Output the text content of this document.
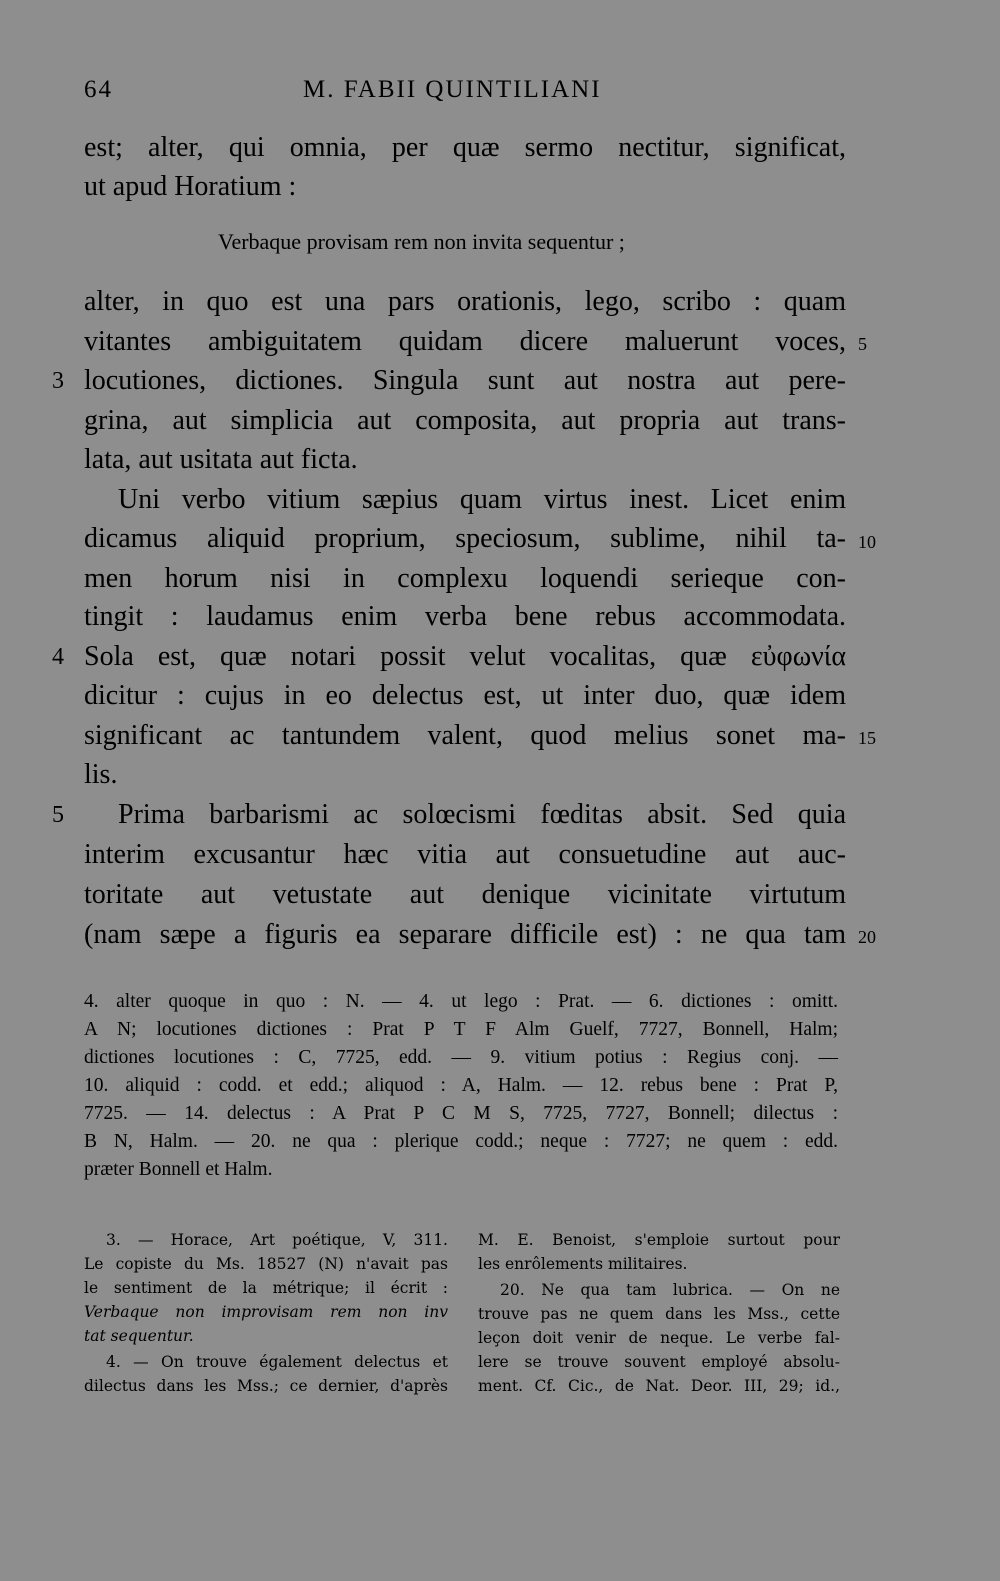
64	M. FABII QUINTILIANI
est; alter, qui omnia, per quæ sermo nectitur, significat,
ut apud Horatium :
Verbaque provisam rem non invita sequentur ;
alter, in quo est una pars orationis, lego, scribo : quam
vitantes ambiguitatem quidam dicere maluerunt voces,
locutiones, dictiones. Singula sunt aut nostra aut pere-
grina, aut simplicia aut composita, aut propria aut trans-
lata, aut usitata aut ficta.
Uni verbo vitium sæpius quam virtus inest. Licet enim
dicamus aliquid proprium, speciosum, sublime, nihil ta-
men horum nisi in complexu loquendi serieque con-
tingit : laudamus enim verba bene rebus accommodata.
Sola est, quæ notari possit velut vocalitas, quæ εὐφωνία
dicitur : cujus in eo delectus est, ut inter duo, quæ idem
significant ac tantundem valent, quod melius sonet ma-
lis.
Prima barbarismi ac solœcismi fœditas absit. Sed quia
interim excusantur hæc vitia aut consuetudine aut auc-
toritate aut vetustate aut denique vicinitate virtutum
(nam sæpe a figuris ea separare difficile est) : ne qua tam
3
4
5
5
10
15
20
4. alter quoque in quo : N. — 4. ut lego : Prat. — 6. dictiones : omitt.
A N; locutiones dictiones : Prat P T F Alm Guelf, 7727, Bonnell, Halm;
dictiones locutiones : C, 7725, edd. — 9. vitium potius : Regius conj. —
10. aliquid : codd. et edd.; aliquod : A, Halm. — 12. rebus bene : Prat P,
7725. — 14. delectus : A Prat P C M S, 7725, 7727, Bonnell; dilectus :
B N, Halm. — 20. ne qua : plerique codd.; neque : 7727; ne quem : edd.
præter Bonnell et Halm.
3. — Horace, Art poétique, V, 311.
Le copiste du Ms. 18527 (N) n'avait pas
le sentiment de la métrique; il écrit :
Verbaque non improvisam rem non inv
tat sequentur.
4. — On trouve également delectus et
dilectus dans les Mss.; ce dernier, d'après
M. E. Benoist, s'emploie surtout pour
les enrôlements militaires.
20. Ne qua tam lubrica. — On ne
trouve pas ne quem dans les Mss., cette
leçon doit venir de neque. Le verbe fal-
lere se trouve souvent employé absolu-
ment. Cf. Cic., de Nat. Deor. III, 29; id.,
